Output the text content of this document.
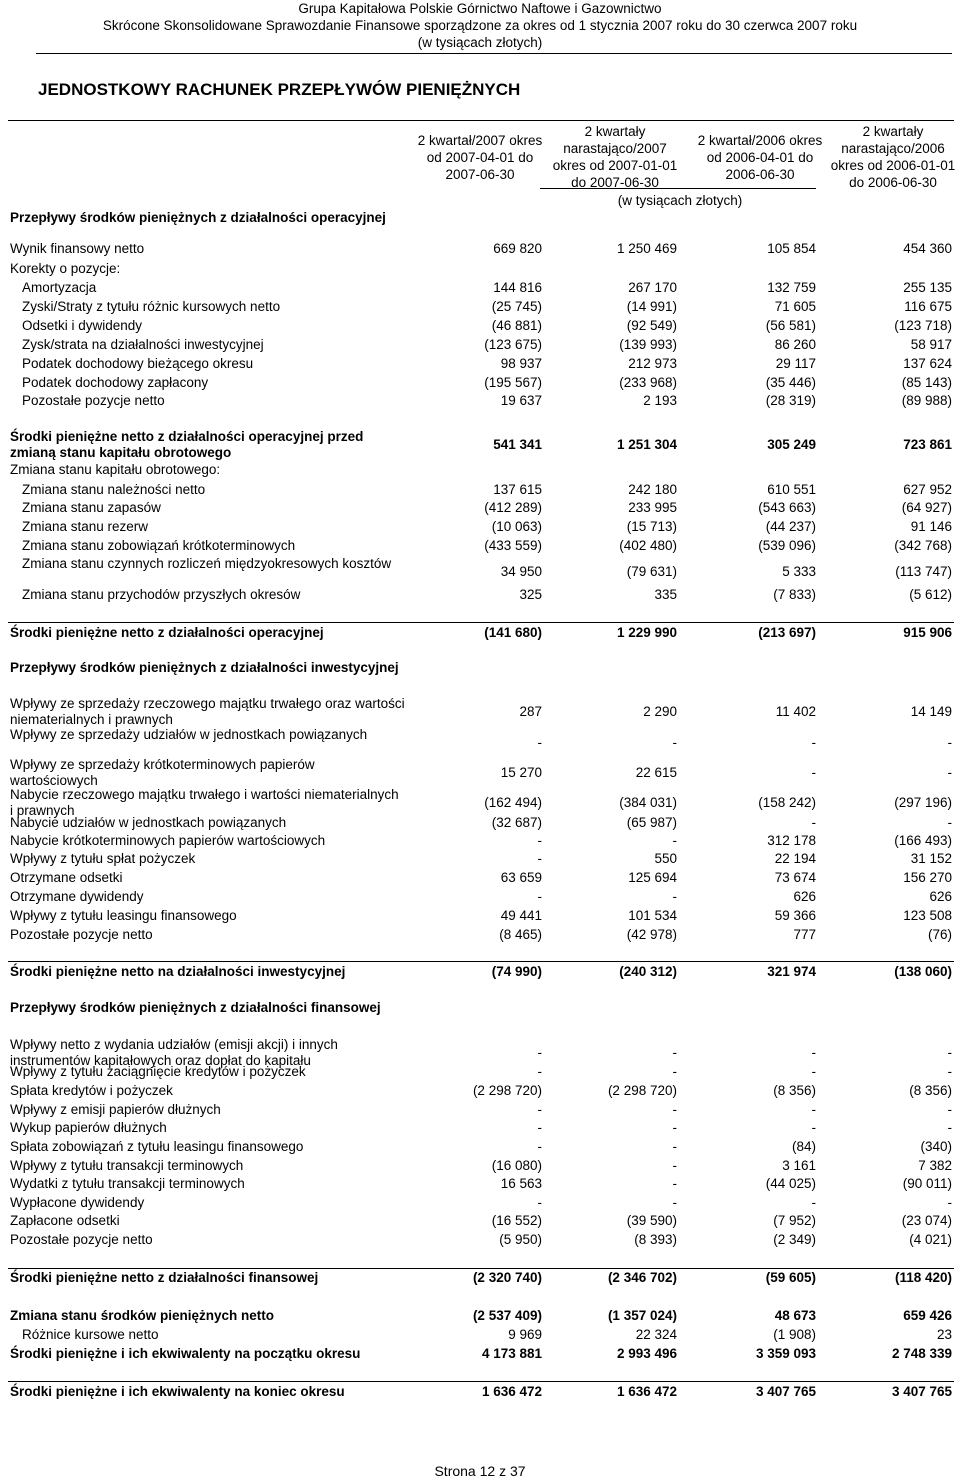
Grupa Kapitałowa Polskie Górnictwo Naftowe i Gazownictwo
Skrócone Skonsolidowane Sprawozdanie Finansowe sporządzone za okres od 1 stycznia 2007 roku do 30 czerwca 2007 roku
(w tysiącach złotych)
JEDNOSTKOWY RACHUNEK PRZEPŁYWÓW PIENIĘŻNYCH
2 kwartał/2007 okres od 2007-04-01 do 2007-06-30
2 kwartały narastająco/2007 okres od 2007-01-01 do 2007-06-30
2 kwartał/2006 okres od 2006-04-01 do 2006-06-30
2 kwartały narastająco/2006 okres od 2006-01-01 do 2006-06-30
(w tysiącach złotych)
Przepływy środków pieniężnych z działalności operacyjnej
Wynik finansowy netto	669 820	1 250 469	105 854	454 360
Korekty o pozycje:
Amortyzacja	144 816	267 170	132 759	255 135
Zyski/Straty z tytułu różnic kursowych netto	(25 745)	(14 991)	71 605	116 675
Odsetki i dywidendy	(46 881)	(92 549)	(56 581)	(123 718)
Zysk/strata na działalności inwestycyjnej	(123 675)	(139 993)	86 260	58 917
Podatek dochodowy bieżącego okresu	98 937	212 973	29 117	137 624
Podatek dochodowy zapłacony	(195 567)	(233 968)	(35 446)	(85 143)
Pozostałe pozycje netto	19 637	2 193	(28 319)	(89 988)
Środki pieniężne netto z działalności operacyjnej przed zmianą stanu kapitału obrotowego
541 341	1 251 304	305 249	723 861
Zmiana stanu kapitału obrotowego:
Zmiana stanu należności netto	137 615	242 180	610 551	627 952
Zmiana stanu zapasów	(412 289)	233 995	(543 663)	(64 927)
Zmiana stanu rezerw	(10 063)	(15 713)	(44 237)	91 146
Zmiana stanu zobowiązań krótkoterminowych	(433 559)	(402 480)	(539 096)	(342 768)
Zmiana stanu czynnych rozliczeń międzyokresowych kosztów
34 950	(79 631)	5 333	(113 747)
Zmiana stanu przychodów przyszłych okresów	325	335	(7 833)	(5 612)
Środki pieniężne netto z działalności operacyjnej	(141 680)	1 229 990	(213 697)	915 906
Przepływy środków pieniężnych z działalności inwestycyjnej
Wpływy ze sprzedaży rzeczowego majątku trwałego oraz wartości niematerialnych i prawnych
287	2 290	11 402	14 149
Wpływy ze sprzedaży udziałów w jednostkach powiązanych
-	-	-	-
Wpływy ze sprzedaży krótkoterminowych papierów wartościowych
15 270	22 615	-	-
Nabycie rzeczowego majątku trwałego i wartości niematerialnych i prawnych
(162 494)	(384 031)	(158 242)	(297 196)
Nabycie udziałów w jednostkach powiązanych	(32 687)	(65 987)	-	-
Nabycie krótkoterminowych papierów wartościowych	-	-	312 178	(166 493)
Wpływy z tytułu spłat pożyczek	-	550	22 194	31 152
Otrzymane odsetki	63 659	125 694	73 674	156 270
Otrzymane dywidendy	-	-	626	626
Wpływy z tytułu leasingu finansowego	49 441	101 534	59 366	123 508
Pozostałe pozycje netto	(8 465)	(42 978)	777	(76)
Środki pieniężne netto na działalności inwestycyjnej	(74 990)	(240 312)	321 974	(138 060)
Przepływy środków pieniężnych z działalności finansowej
Wpływy netto z wydania udziałów (emisji akcji) i innych instrumentów kapitałowych oraz dopłat do kapitału
-	-	-	-
Wpływy z tytułu zaciągnięcie kredytów i pożyczek	-	-	-	-
Spłata kredytów i pożyczek	(2 298 720)	(2 298 720)	(8 356)	(8 356)
Wpływy z emisji papierów dłużnych	-	-	-	-
Wykup papierów dłużnych	-	-	-	-
Spłata zobowiązań z tytułu leasingu finansowego	-	-	(84)	(340)
Wpływy z tytułu transakcji terminowych	(16 080)	-	3 161	7 382
Wydatki z tytułu transakcji terminowych	16 563	-	(44 025)	(90 011)
Wypłacone dywidendy	-	-	-	-
Zapłacone odsetki	(16 552)	(39 590)	(7 952)	(23 074)
Pozostałe pozycje netto	(5 950)	(8 393)	(2 349)	(4 021)
Środki pieniężne netto z działalności finansowej	(2 320 740)	(2 346 702)	(59 605)	(118 420)
Zmiana stanu środków pieniężnych netto	(2 537 409)	(1 357 024)	48 673	659 426
Różnice kursowe netto	9 969	22 324	(1 908)	23
Środki pieniężne i ich ekwiwalenty na początku okresu	4 173 881	2 993 496	3 359 093	2 748 339
Środki pieniężne i ich ekwiwalenty na koniec okresu	1 636 472	1 636 472	3 407 765	3 407 765
Strona 12 z 37
